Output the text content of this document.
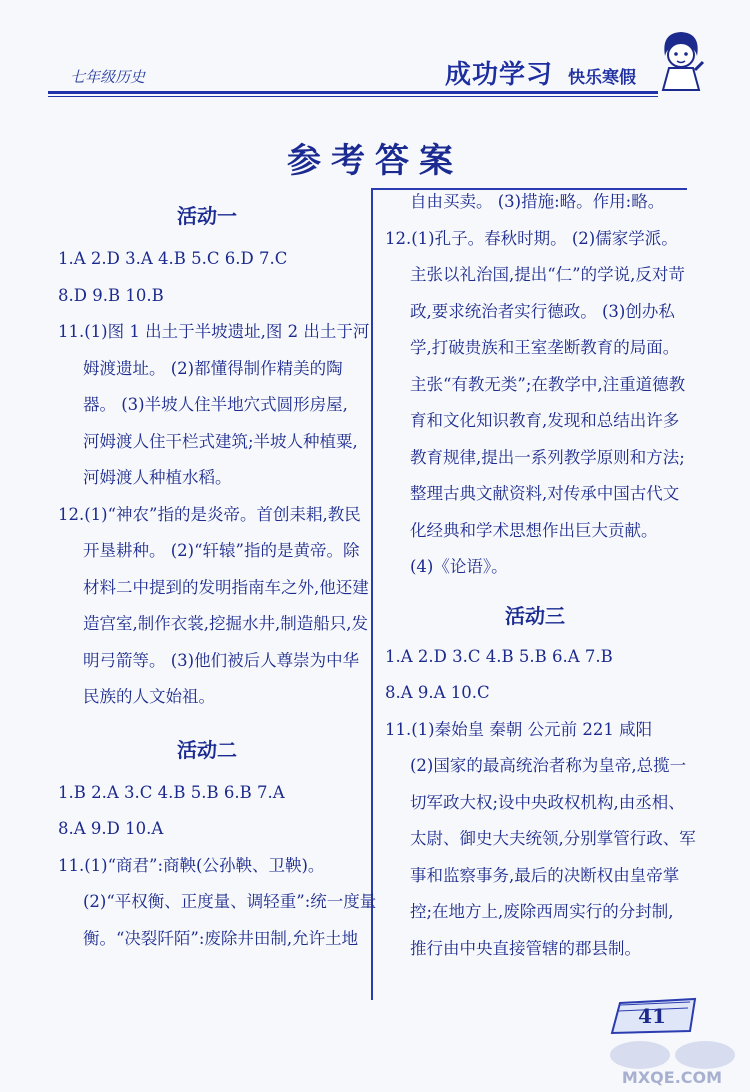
七年级历史	成功学习 快乐寒假
参考答案
活动一
1.A 2.D 3.A 4.B 5.C 6.D 7.C
8.D 9.B 10.B
11.(1)图 1 出土于半坡遗址,图 2 出土于河
姆渡遗址。 (2)都懂得制作精美的陶
器。 (3)半坡人住半地穴式圆形房屋,
河姆渡人住干栏式建筑;半坡人种植粟,
河姆渡人种植水稻。
12.(1)“神农”指的是炎帝。首创耒耜,教民
开垦耕种。 (2)“轩辕”指的是黄帝。除
材料二中提到的发明指南车之外,他还建
造宫室,制作衣裳,挖掘水井,制造船只,发
明弓箭等。 (3)他们被后人尊崇为中华
民族的人文始祖。
活动二
1.B 2.A 3.C 4.B 5.B 6.B 7.A
8.A 9.D 10.A
11.(1)“商君”:商鞅(公孙鞅、卫鞅)。
(2)“平权衡、正度量、调轻重”:统一度量
衡。“决裂阡陌”:废除井田制,允许土地
自由买卖。 (3)措施:略。作用:略。
12.(1)孔子。春秋时期。 (2)儒家学派。
主张以礼治国,提出“仁”的学说,反对苛
政,要求统治者实行德政。 (3)创办私
学,打破贵族和王室垄断教育的局面。
主张“有教无类”;在教学中,注重道德教
育和文化知识教育,发现和总结出许多
教育规律,提出一系列教学原则和方法;
整理古典文献资料,对传承中国古代文
化经典和学术思想作出巨大贡献。
(4)《论语》。
活动三
1.A 2.D 3.C 4.B 5.B 6.A 7.B
8.A 9.A 10.C
11.(1)秦始皇 秦朝 公元前 221 咸阳
(2)国家的最高统治者称为皇帝,总揽一
切军政大权;设中央政权机构,由丞相、
太尉、御史大夫统领,分别掌管行政、军
事和监察事务,最后的决断权由皇帝掌
控;在地方上,废除西周实行的分封制,
推行由中央直接管辖的郡县制。
41
MXQE.COM
